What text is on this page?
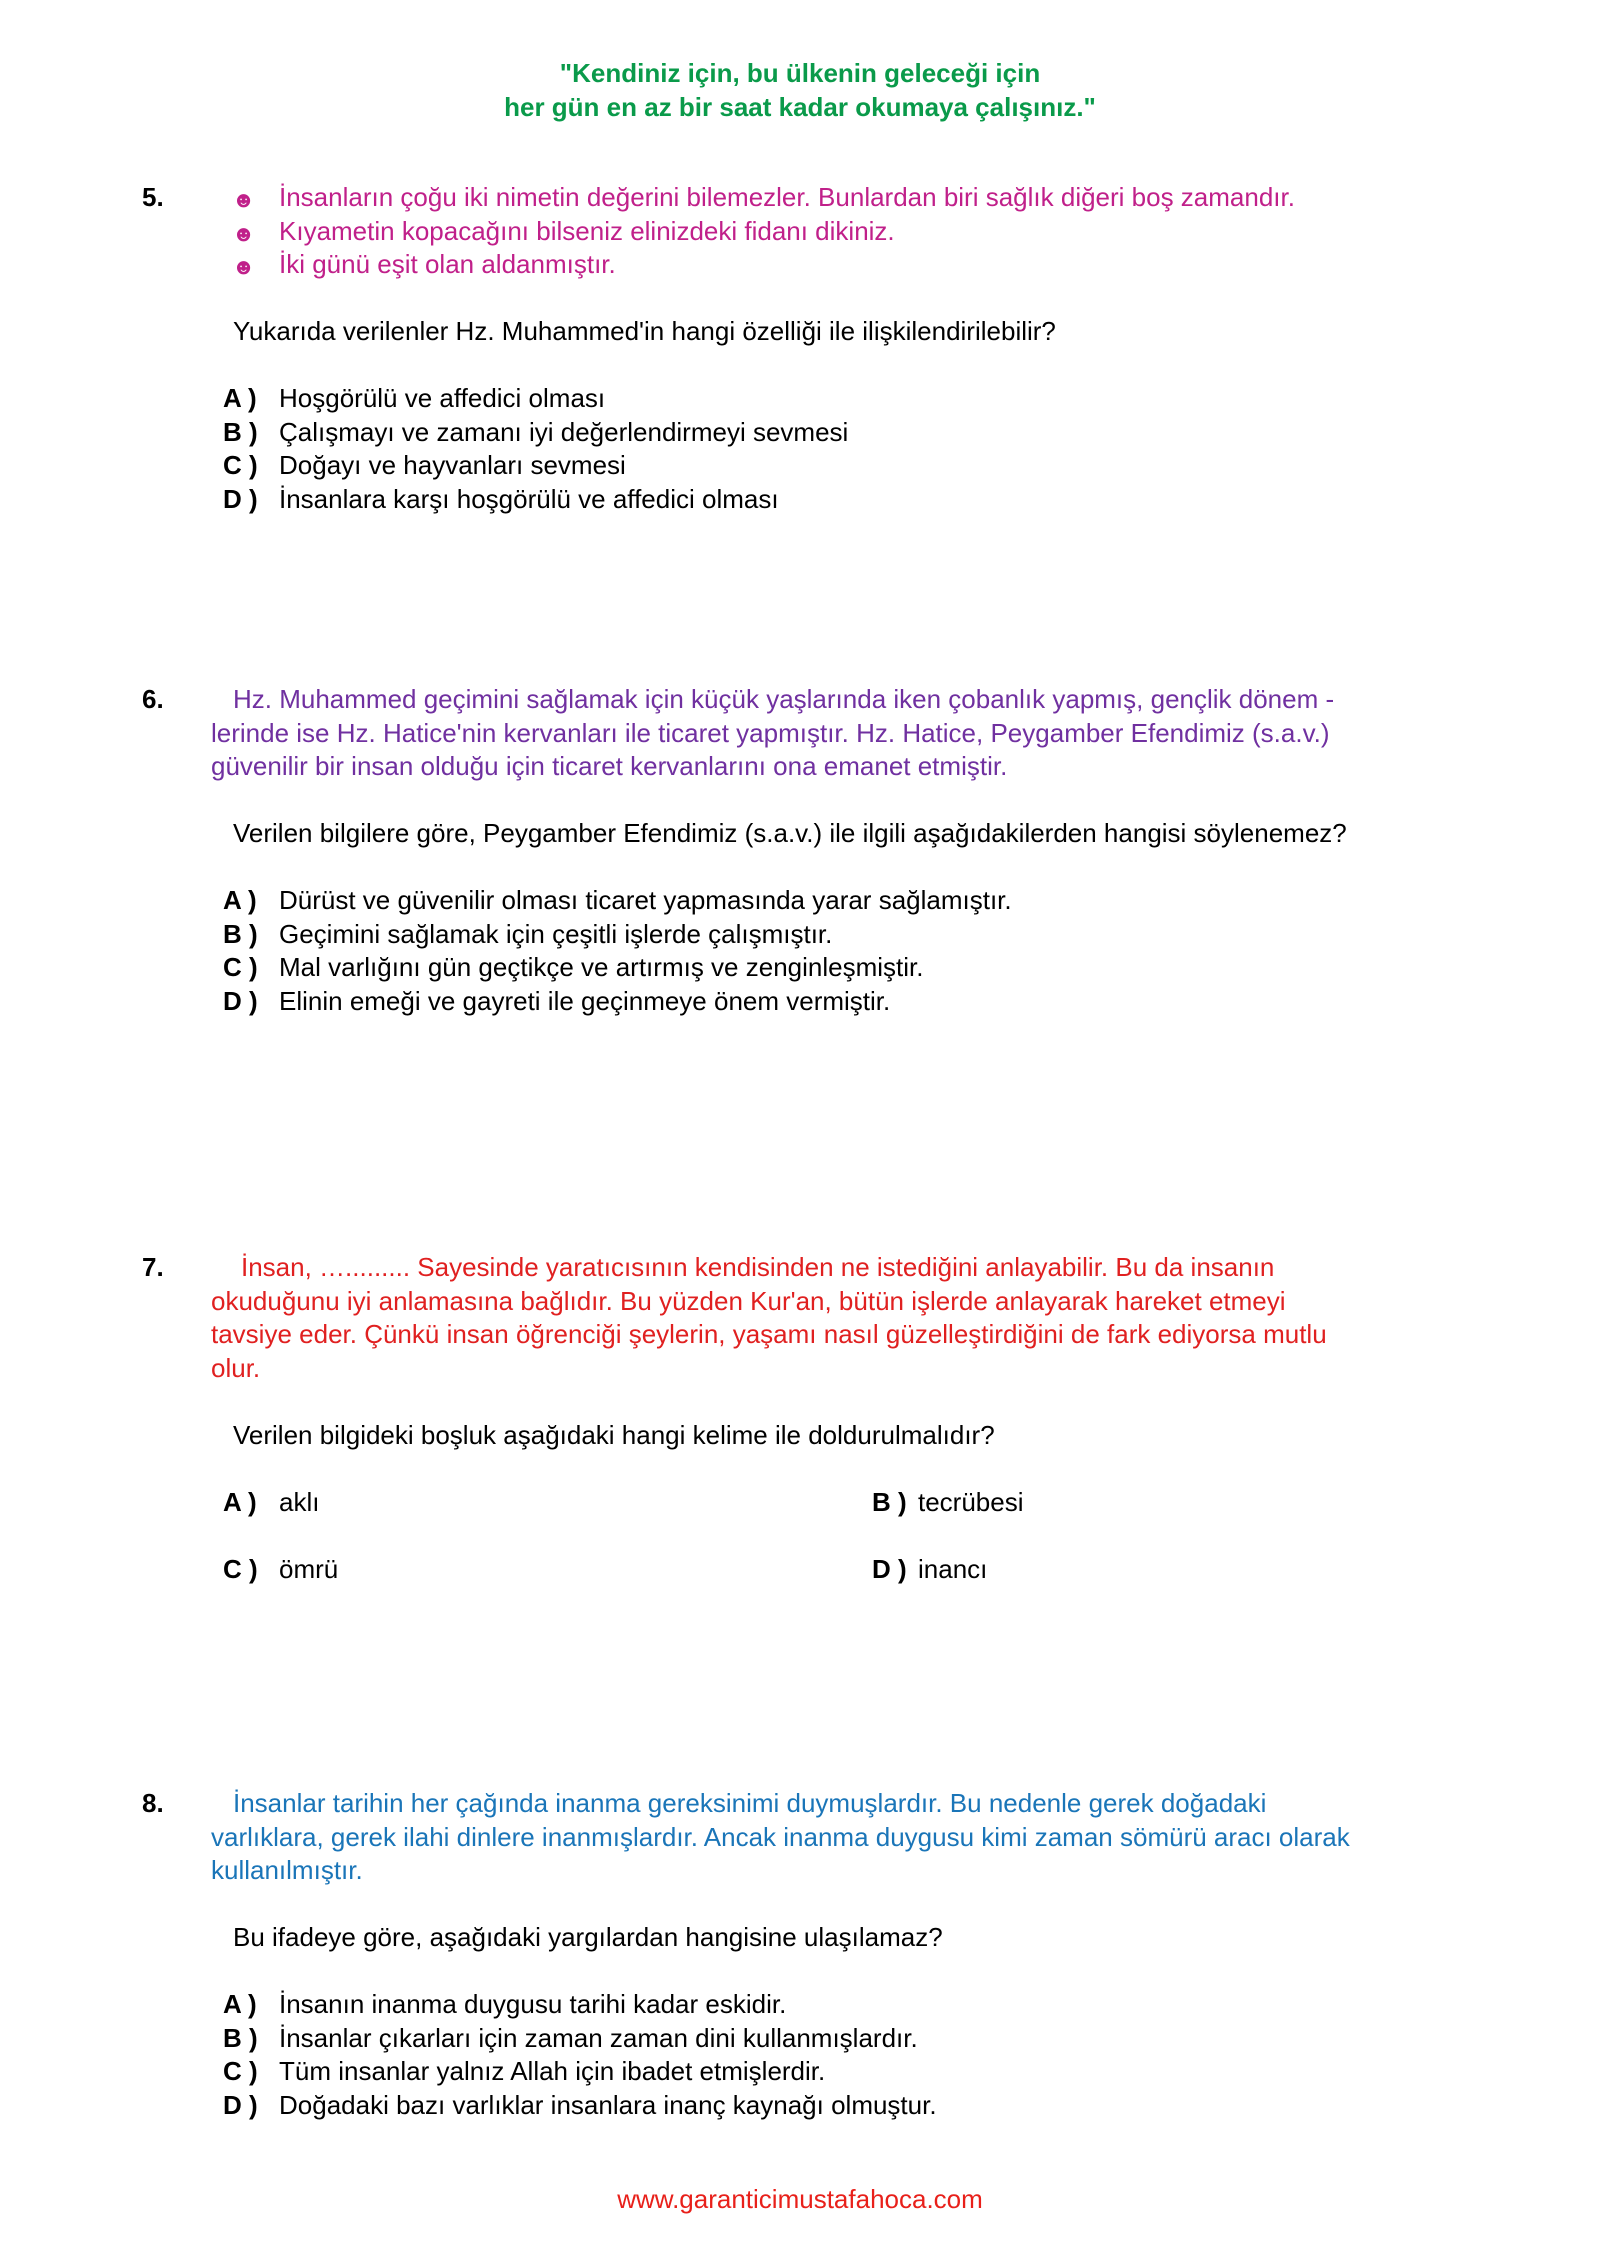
"Kendiniz için, bu ülkenin geleceği için
her gün en az bir saat kadar okumaya çalışınız."
5.	☻ İnsanların çoğu iki nimetin değerini bilemezler. Bunlardan biri sağlık diğeri boş zamandır.
☻ Kıyametin kopacağını bilseniz elinizdeki fidanı dikiniz.
☻ İki günü eşit olan aldanmıştır.
Yukarıda verilenler Hz. Muhammed'in hangi özelliği ile ilişkilendirilebilir?
A ) Hoşgörülü ve affedici olması
B ) Çalışmayı ve zamanı iyi değerlendirmeyi sevmesi
C ) Doğayı ve hayvanları sevmesi
D ) İnsanlara karşı hoşgörülü ve affedici olması
6.	Hz. Muhammed geçimini sağlamak için küçük yaşlarında iken çobanlık yapmış, gençlik dönem -
lerinde ise Hz. Hatice'nin kervanları ile ticaret yapmıştır. Hz. Hatice, Peygamber Efendimiz (s.a.v.)
güvenilir bir insan olduğu için ticaret kervanlarını ona emanet etmiştir.
Verilen bilgilere göre, Peygamber Efendimiz (s.a.v.) ile ilgili aşağıdakilerden hangisi söylenemez?
A ) Dürüst ve güvenilir olması ticaret yapmasında yarar sağlamıştır.
B ) Geçimini sağlamak için çeşitli işlerde çalışmıştır.
C ) Mal varlığını gün geçtikçe ve artırmış ve zenginleşmiştir.
D ) Elinin emeği ve gayreti ile geçinmeye önem vermiştir.
7.	İnsan, …......... Sayesinde yaratıcısının kendisinden ne istediğini anlayabilir. Bu da insanın
okuduğunu iyi anlamasına bağlıdır. Bu yüzden Kur'an, bütün işlerde anlayarak hareket etmeyi
tavsiye eder. Çünkü insan öğrenciği şeylerin, yaşamı nasıl güzelleştirdiğini de fark ediyorsa mutlu
olur.
Verilen bilgideki boşluk aşağıdaki hangi kelime ile doldurulmalıdır?
A ) aklı	B ) tecrübesi
C ) ömrü	D ) inancı
8.	İnsanlar tarihin her çağında inanma gereksinimi duymuşlardır. Bu nedenle gerek doğadaki
varlıklara, gerek ilahi dinlere inanmışlardır. Ancak inanma duygusu kimi zaman sömürü aracı olarak
kullanılmıştır.
Bu ifadeye göre, aşağıdaki yargılardan hangisine ulaşılamaz?
A ) İnsanın inanma duygusu tarihi kadar eskidir.
B ) İnsanlar çıkarları için zaman zaman dini kullanmışlardır.
C ) Tüm insanlar yalnız Allah için ibadet etmişlerdir.
D ) Doğadaki bazı varlıklar insanlara inanç kaynağı olmuştur.
www.garanticimustafahoca.com
